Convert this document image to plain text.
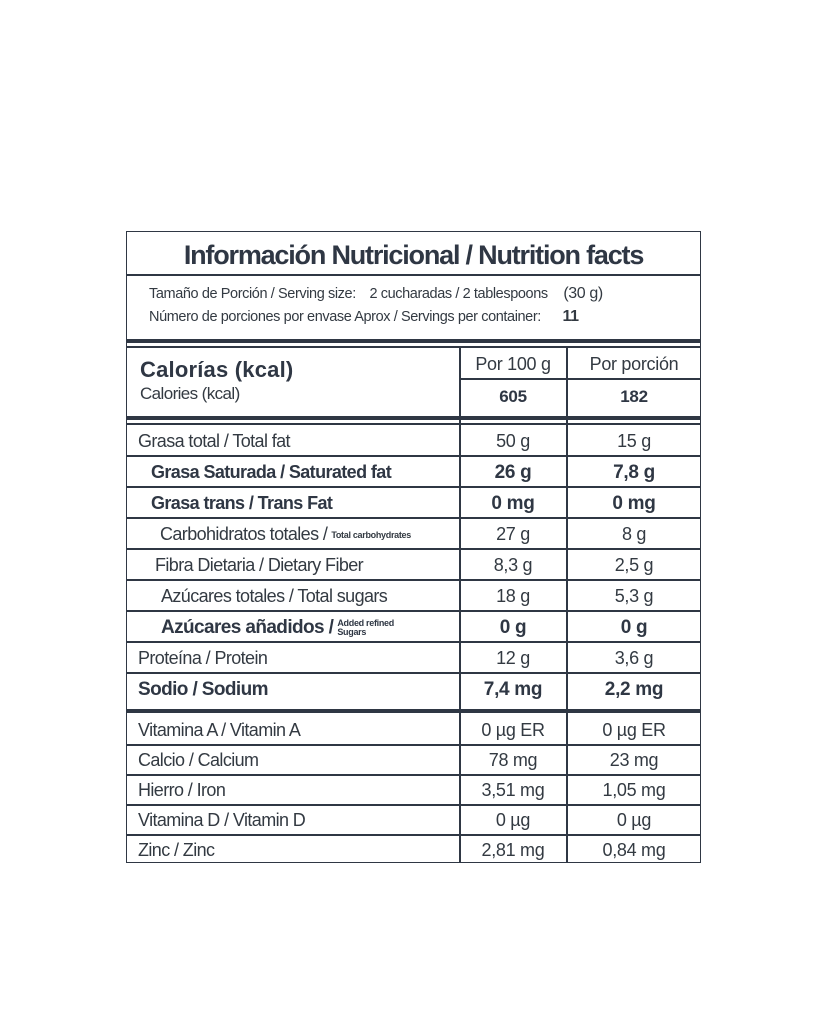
Información Nutricional / Nutrition facts
Tamaño de Porción / Serving size: 2 cucharadas / 2 tablespoons (30 g)
Número de porciones por envase Aprox / Servings per container: 11
Calorías (kcal)
Calories (kcal)
Por 100 g	Por porción
605	182
Grasa total / Total fat	50 g	15 g
Grasa Saturada / Saturated fat	26 g	7,8 g
Grasa trans / Trans Fat	0 mg	0 mg
Carbohidratos totales / Total carbohydrates	27 g	8 g
Fibra Dietaria / Dietary Fiber	8,3 g	2,5 g
Azúcares totales / Total sugars	18 g	5,3 g
Azúcares añadidos / Added refined Sugars	0 g	0 g
Proteína / Protein	12 g	3,6 g
Sodio / Sodium	7,4 mg	2,2 mg
Vitamina A / Vitamin A	0 µg ER	0 µg ER
Calcio / Calcium	78 mg	23 mg
Hierro / Iron	3,51 mg	1,05 mg
Vitamina D / Vitamin D	0 µg	0 µg
Zinc / Zinc	2,81 mg	0,84 mg
